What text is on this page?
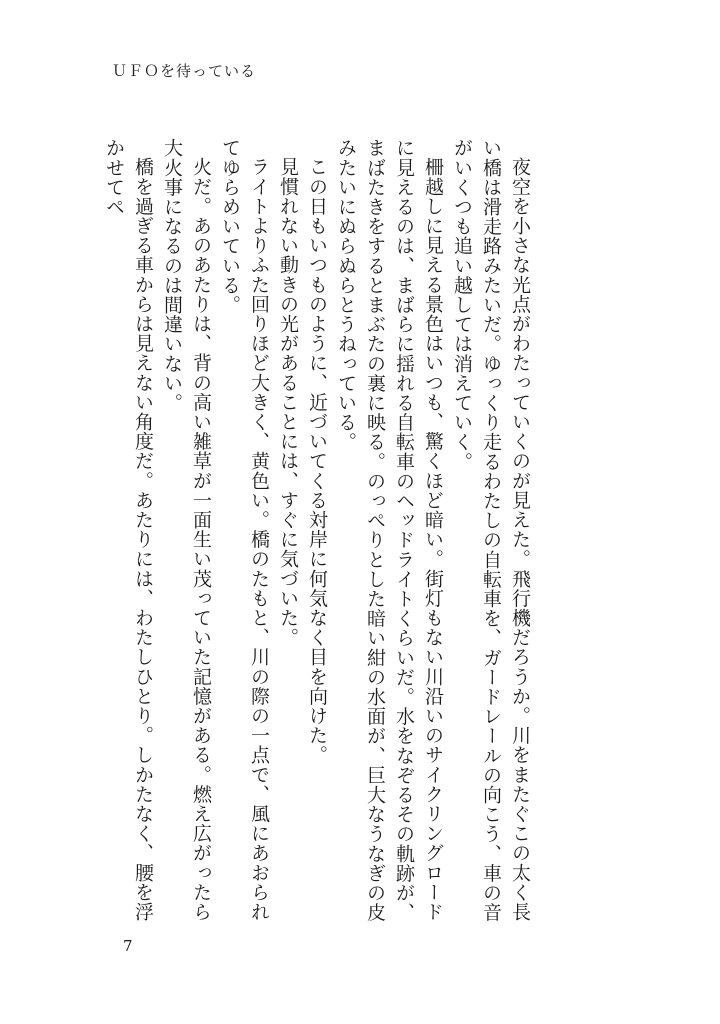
ＵＦＯを待っている

夜空を小さな光点がわたっていくのが見えた。飛行機だろうか。川をまたぐこの太く長い橋は滑走路みたいだ。ゆっくり走るわたしの自転車を、ガードレールの向こう、車の音がいくつも追い越しては消えていく。

柵越しに見える景色はいつも、驚くほど暗い。街灯もない川沿いのサイクリングロードに見えるのは、まばらに揺れる自転車のヘッドライトくらいだ。水をなぞるその軌跡が、まばたきをするとまぶたの裏に映る。のっぺりとした暗い紺の水面が、巨大なうなぎの皮みたいにぬらぬらとうねっている。

この日もいつものように、近づいてくる対岸に何気なく目を向けた。

見慣れない動きの光があることには、すぐに気づいた。

ライトよりふた回りほど大きく、黄色い。橋のたもと、川の際の一点で、風にあおられてゆらめいている。

火だ。あのあたりは、背の高い雑草が一面生い茂っていた記憶がある。燃え広がったら大火事になるのは間違いない。

橋を過ぎる車からは見えない角度だ。あたりには、わたしひとり。しかたなく、腰を浮かせてペ

7
